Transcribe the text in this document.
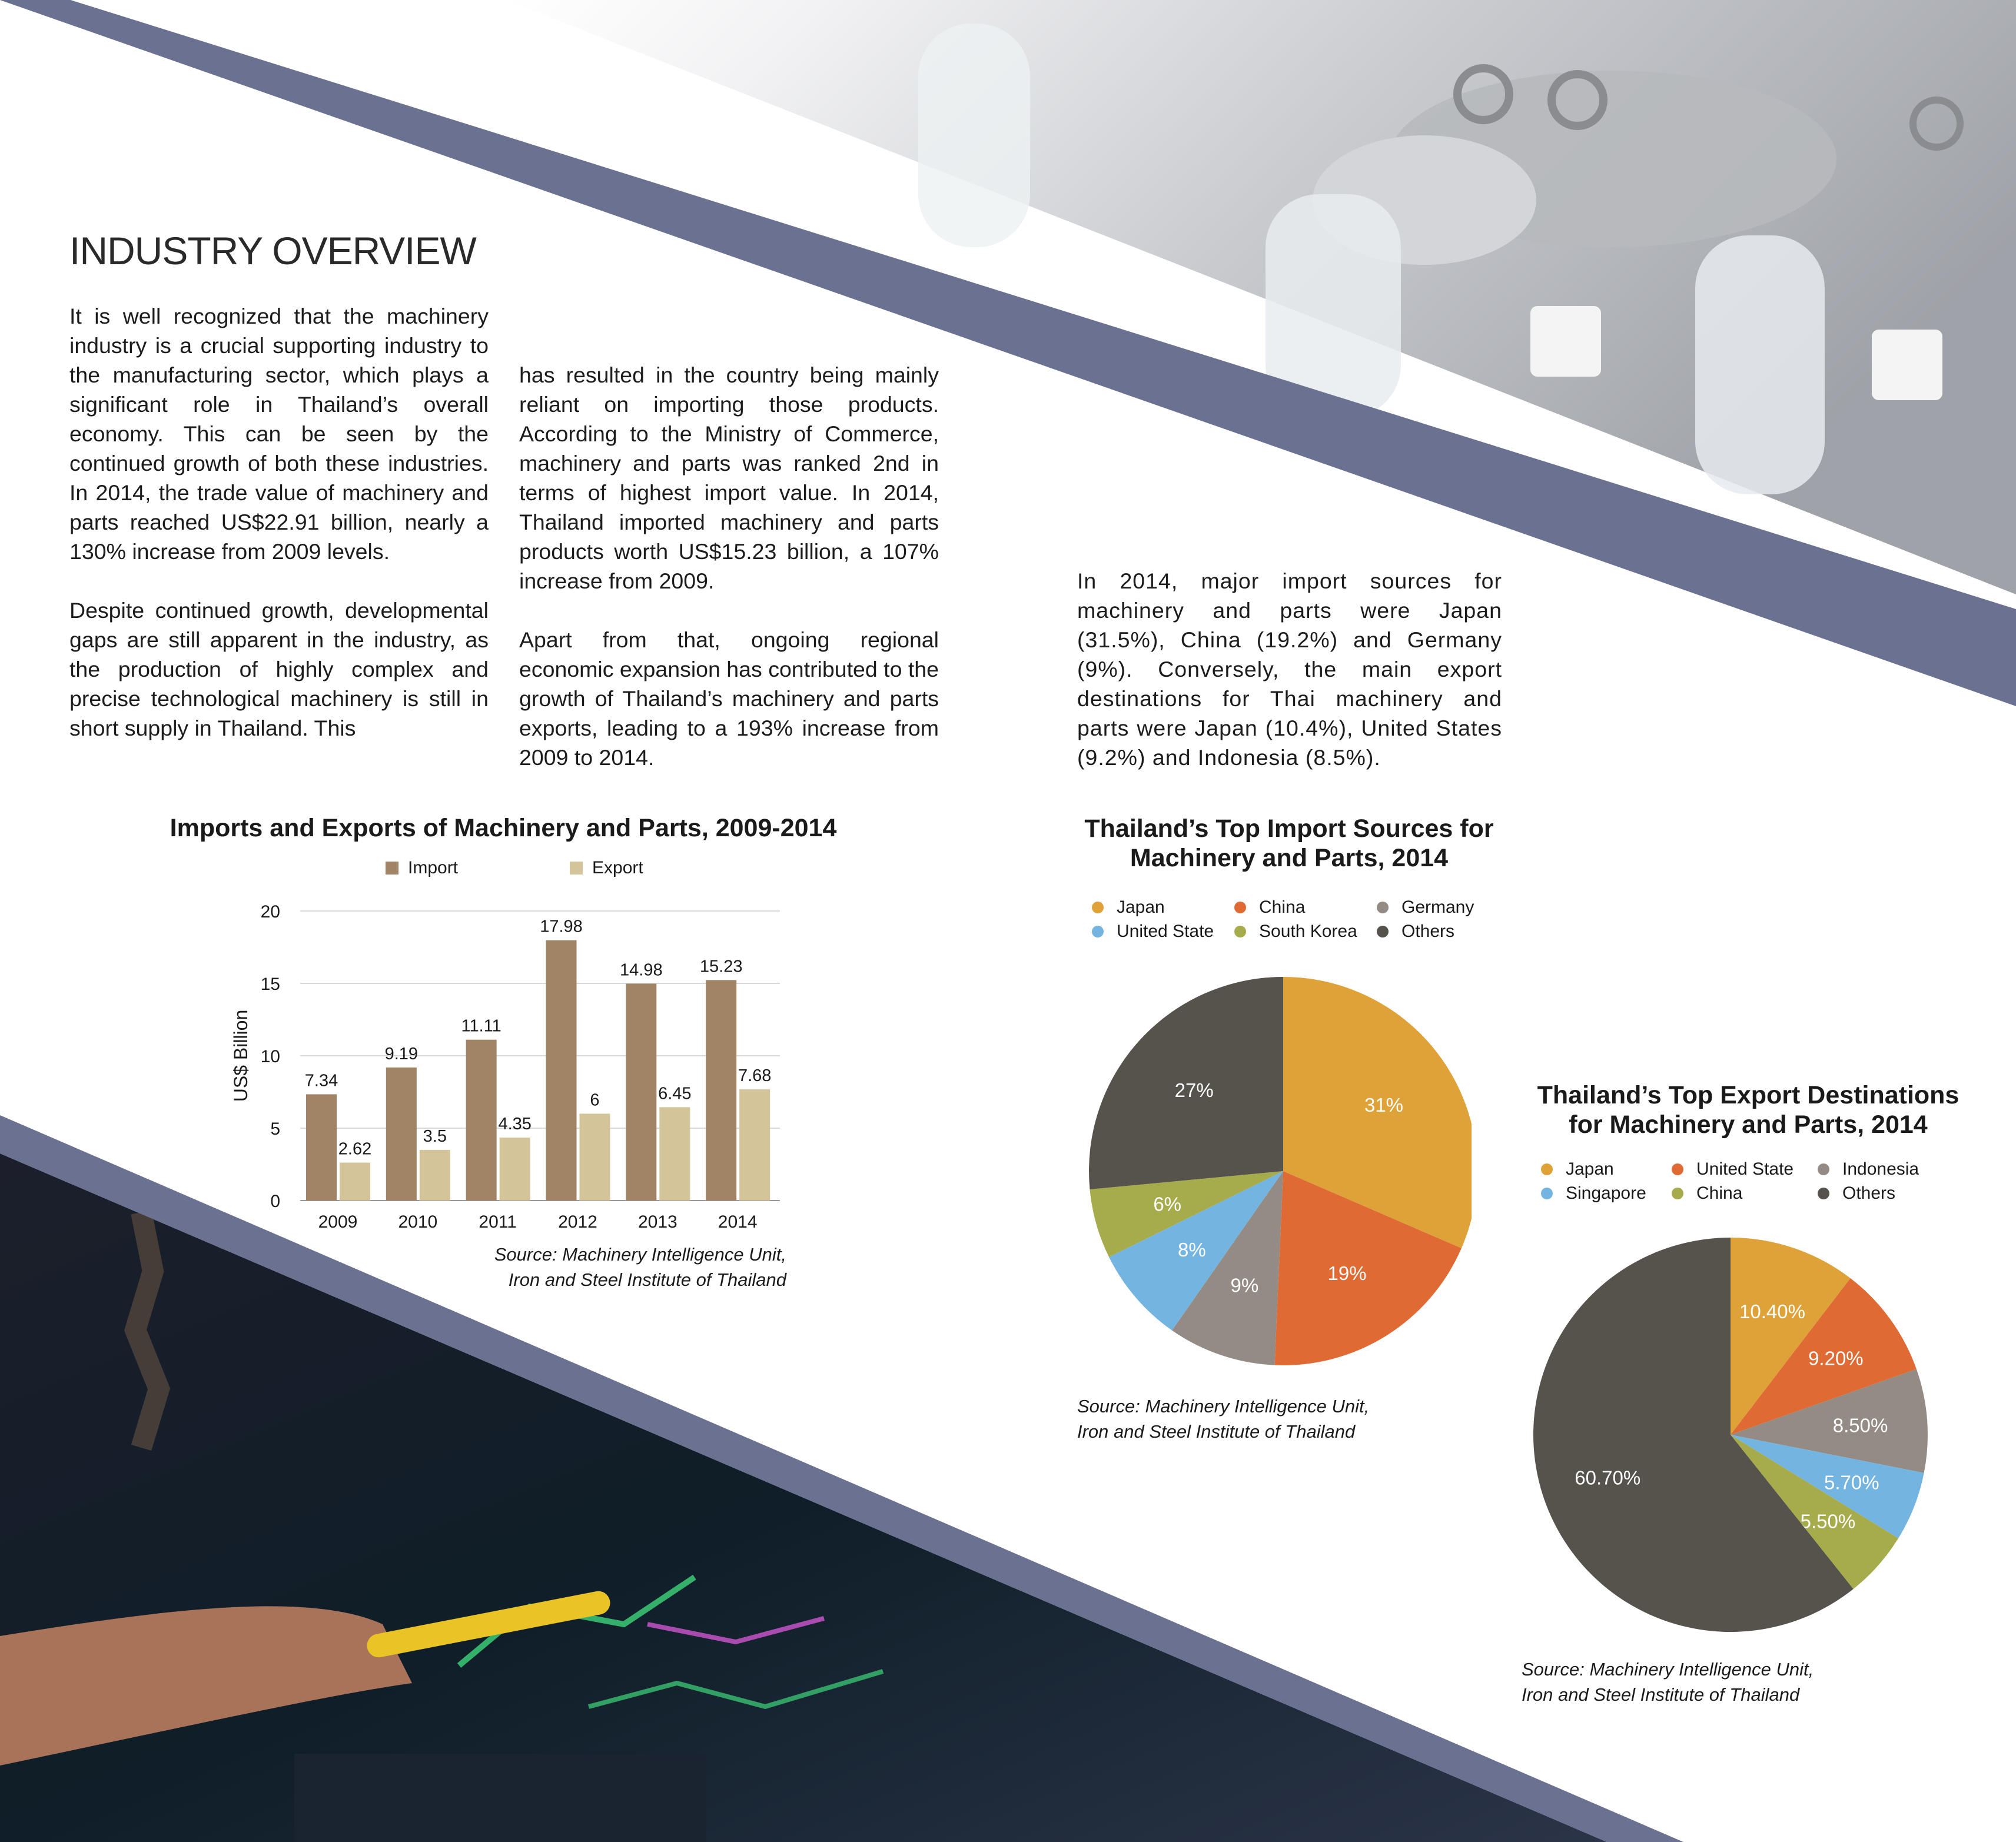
INDUSTRY OVERVIEW

It is well recognized that the machinery industry is a crucial supporting industry to the manufacturing sector, which plays a significant role in Thailand’s overall economy. This can be seen by the continued growth of both these industries. In 2014, the trade value of machinery and parts reached US$22.91 billion, nearly a 130% increase from 2009 levels.

Despite continued growth, developmental gaps are still apparent in the industry, as the production of highly complex and precise technological machinery is still in short supply in Thailand. This

has resulted in the country being mainly reliant on importing those products. According to the Ministry of Commerce, machinery and parts was ranked 2nd in terms of highest import value. In 2014, Thailand imported machinery and parts products worth US$15.23 billion, a 107% increase from 2009.

Apart from that, ongoing regional economic expansion has contributed to the growth of Thailand’s machinery and parts exports, leading to a 193% increase from 2009 to 2014.

In 2014, major import sources for machinery and parts were Japan (31.5%), China (19.2%) and Germany (9%). Conversely, the main export destinations for Thai machinery and parts were Japan (10.4%), United States (9.2%) and Indonesia (8.5%).

Imports and Exports of Machinery and Parts, 2009-2014
Import	Export
0
5
10
15
20
US$ Billion	7.34
2.62
2009
9.19
3.5
2010
11.11
4.35
2011
17.98
6
2012
14.98
6.45
2013
15.23
7.68
2014
Source: Machinery Intelligence Unit,
Iron and Steel Institute of Thailand
Thailand’s Top Import Sources for
Machinery and Parts, 2014
Japan	China	Germany
United State	South Korea	Others
31%
19%
9%
8%
6%
27%
Source: Machinery Intelligence Unit,
Iron and Steel Institute of Thailand
Thailand’s Top Export Destinations
for Machinery and Parts, 2014
Japan	United State	Indonesia
Singapore	China	Others
10.40%
9.20%
8.50%
5.70%
5.50%
60.70%
Source: Machinery Intelligence Unit,
Iron and Steel Institute of Thailand
